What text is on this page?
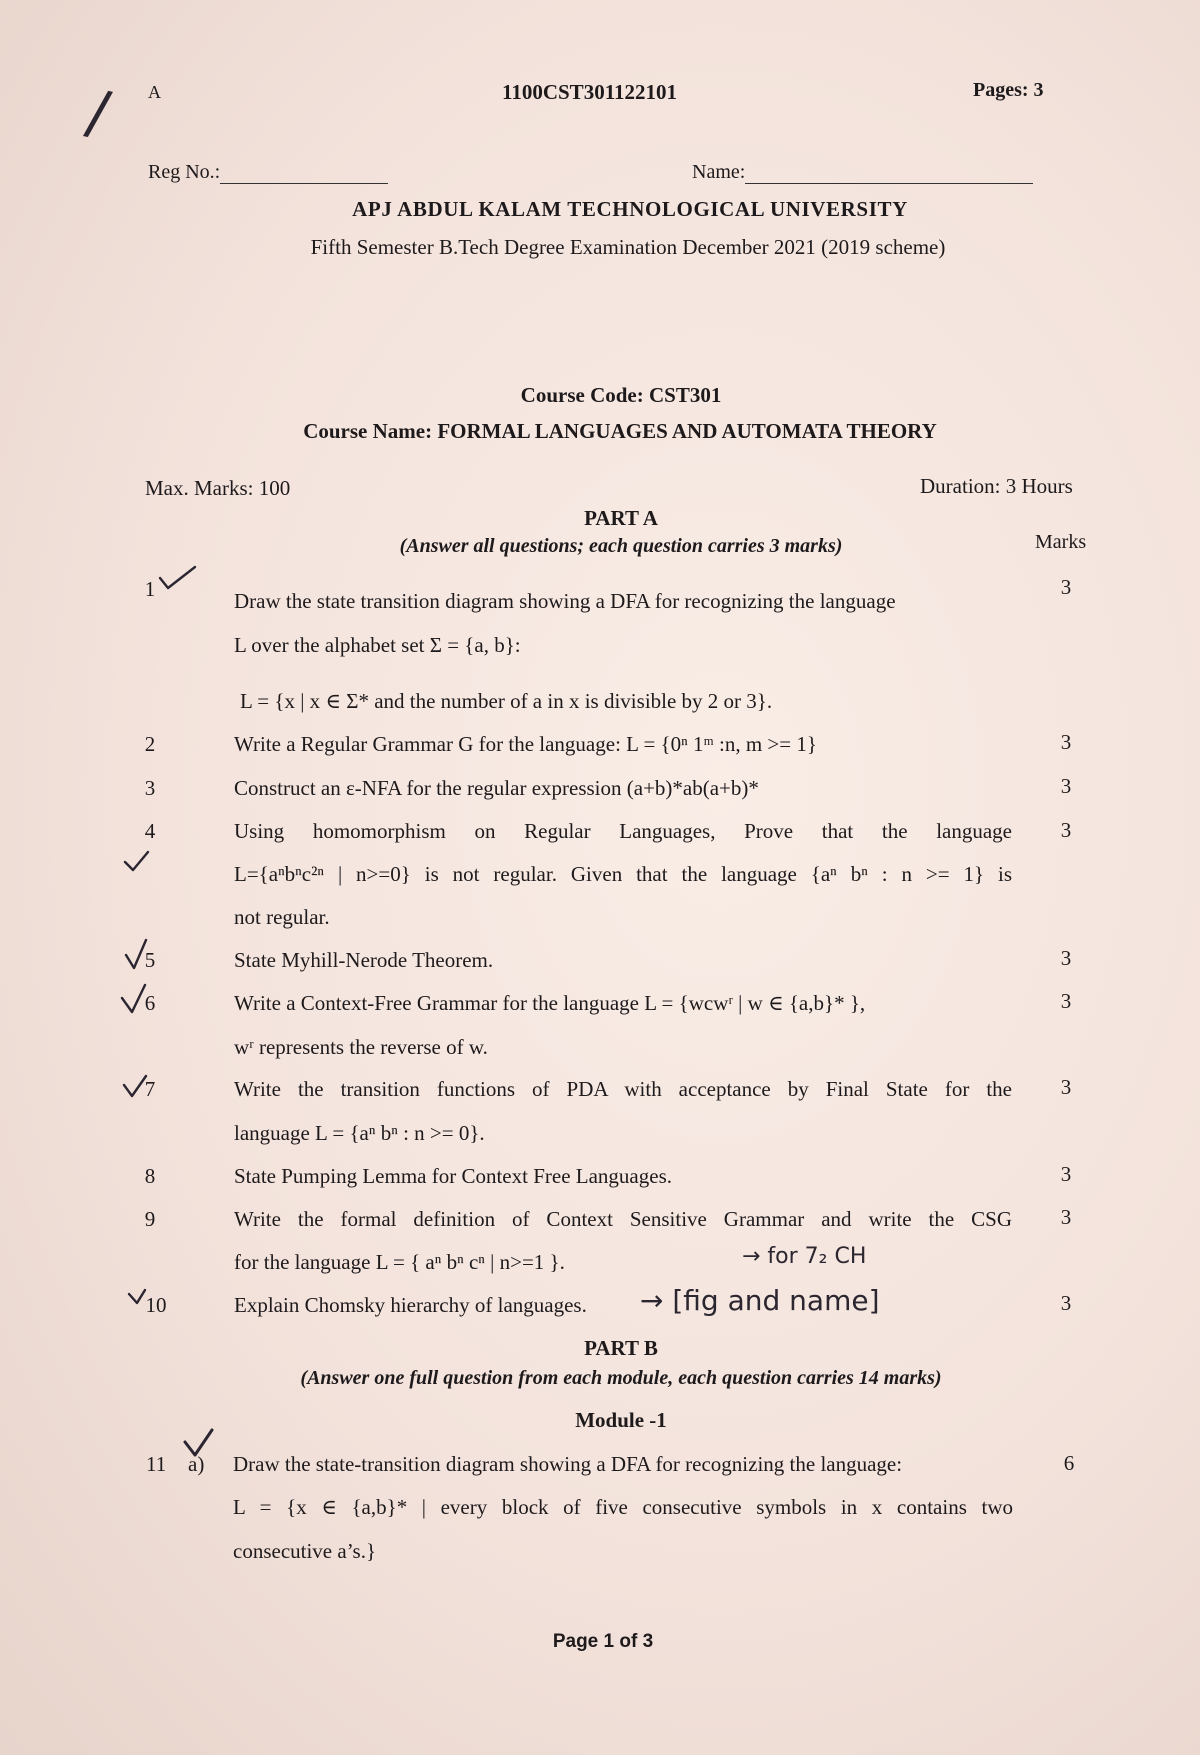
/ A	1100CST301122101	Pages: 3
Reg No.:	Name:
APJ ABDUL KALAM TECHNOLOGICAL UNIVERSITY
Fifth Semester B.Tech Degree Examination December 2021 (2019 scheme)
Course Code: CST301
Course Name: FORMAL LANGUAGES AND AUTOMATA THEORY
Max. Marks: 100	Duration: 3 Hours
PART A
(Answer all questions; each question carries 3 marks)	Marks
1	Draw the state transition diagram showing a DFA for recognizing the language
L over the alphabet set Σ = {a, b}:
L = {x | x ∈ Σ* and the number of a in x is divisible by 2 or 3}.
3
2	Write a Regular Grammar G for the language: L = {0ⁿ 1ᵐ :n, m >= 1}	3
3	Construct an ε-NFA for the regular expression (a+b)*ab(a+b)*	3
4	Using homomorphism on Regular Languages, Prove that the language
L={aⁿbⁿc²ⁿ | n>=0} is not regular. Given that the language {aⁿ bⁿ : n >= 1} is
not regular.
3
5	State Myhill-Nerode Theorem.	3
6	Write a Context-Free Grammar for the language L = {wcwʳ | w ∈ {a,b}* },
wʳ represents the reverse of w.
3
7	Write the transition functions of PDA with acceptance by Final State for the
language L = {aⁿ bⁿ : n >= 0}.
3
8	State Pumping Lemma for Context Free Languages.	3
9	Write the formal definition of Context Sensitive Grammar and write the CSG
for the language L = { aⁿ bⁿ cⁿ | n>=1 }.
3
10	Explain Chomsky hierarchy of languages.	3
→ for 7₂ CH
→ [fig and name]
PART B
(Answer one full question from each module, each question carries 14 marks)
Module -1
11 a) Draw the state-transition diagram showing a DFA for recognizing the language:
L = {x ∈ {a,b}* | every block of five consecutive symbols in x contains two
consecutive a’s.}
6
Page 1 of 3
